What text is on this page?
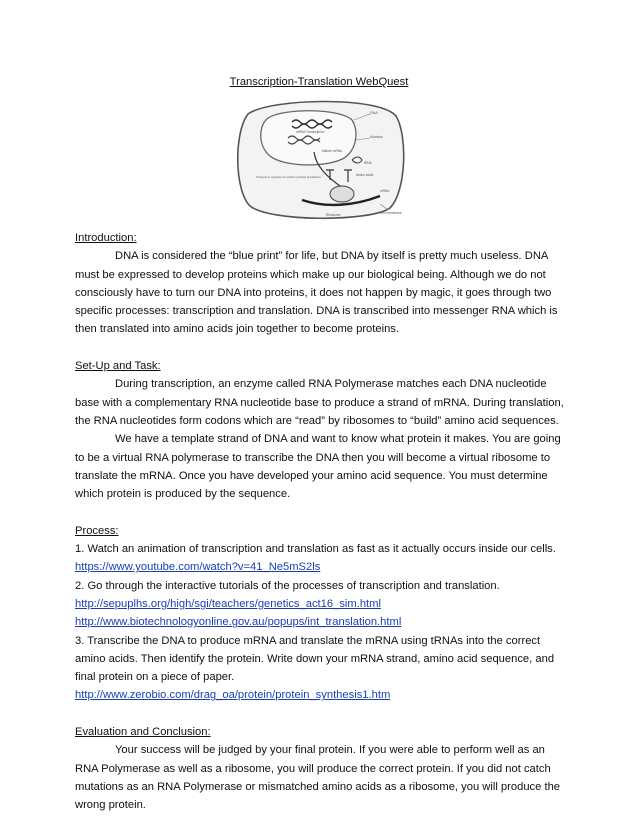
Transcription-Translation WebQuest
DNA
mRNA Transcription
Nucleus
Mature mRNA
Transport to cytoplasm for protein synthesis (translation)
tRNA
Amino acids
Ribosome
mRNA
Cell membrane
Introduction:

DNA is considered the “blue print” for life, but DNA by itself is pretty much useless. DNA must be expressed to develop proteins which make up our biological being. Although we do not consciously have to turn our DNA into proteins, it does not happen by magic, it goes through two specific processes: transcription and translation. DNA is transcribed into messenger RNA which is then translated into amino acids join together to become proteins.

Set-Up and Task:

During transcription, an enzyme called RNA Polymerase matches each DNA nucleotide base with a complementary RNA nucleotide base to produce a strand of mRNA. During translation, the RNA nucleotides form codons which are “read” by ribosomes to “build” amino acid sequences.

We have a template strand of DNA and want to know what protein it makes. You are going to be a virtual RNA polymerase to transcribe the DNA then you will become a virtual ribosome to translate the mRNA. Once you have developed your amino acid sequence. You must determine which protein is produced by the sequence.

Process:

1. Watch an animation of transcription and translation as fast as it actually occurs inside our cells.

https://www.youtube.com/watch?v=41_Ne5mS2ls

2. Go through the interactive tutorials of the processes of transcription and translation.

http://sepuplhs.org/high/sgi/teachers/genetics_act16_sim.html

http://www.biotechnologyonline.gov.au/popups/int_translation.html

3. Transcribe the DNA to produce mRNA and translate the mRNA using tRNAs into the correct amino acids. Then identify the protein. Write down your mRNA strand, amino acid sequence, and final protein on a piece of paper.

http://www.zerobio.com/drag_oa/protein/protein_synthesis1.htm

Evaluation and Conclusion:

Your success will be judged by your final protein. If you were able to perform well as an RNA Polymerase as well as a ribosome, you will produce the correct protein. If you did not catch mutations as an RNA Polymerase or mismatched amino acids as a ribosome, you will produce the wrong protein.
